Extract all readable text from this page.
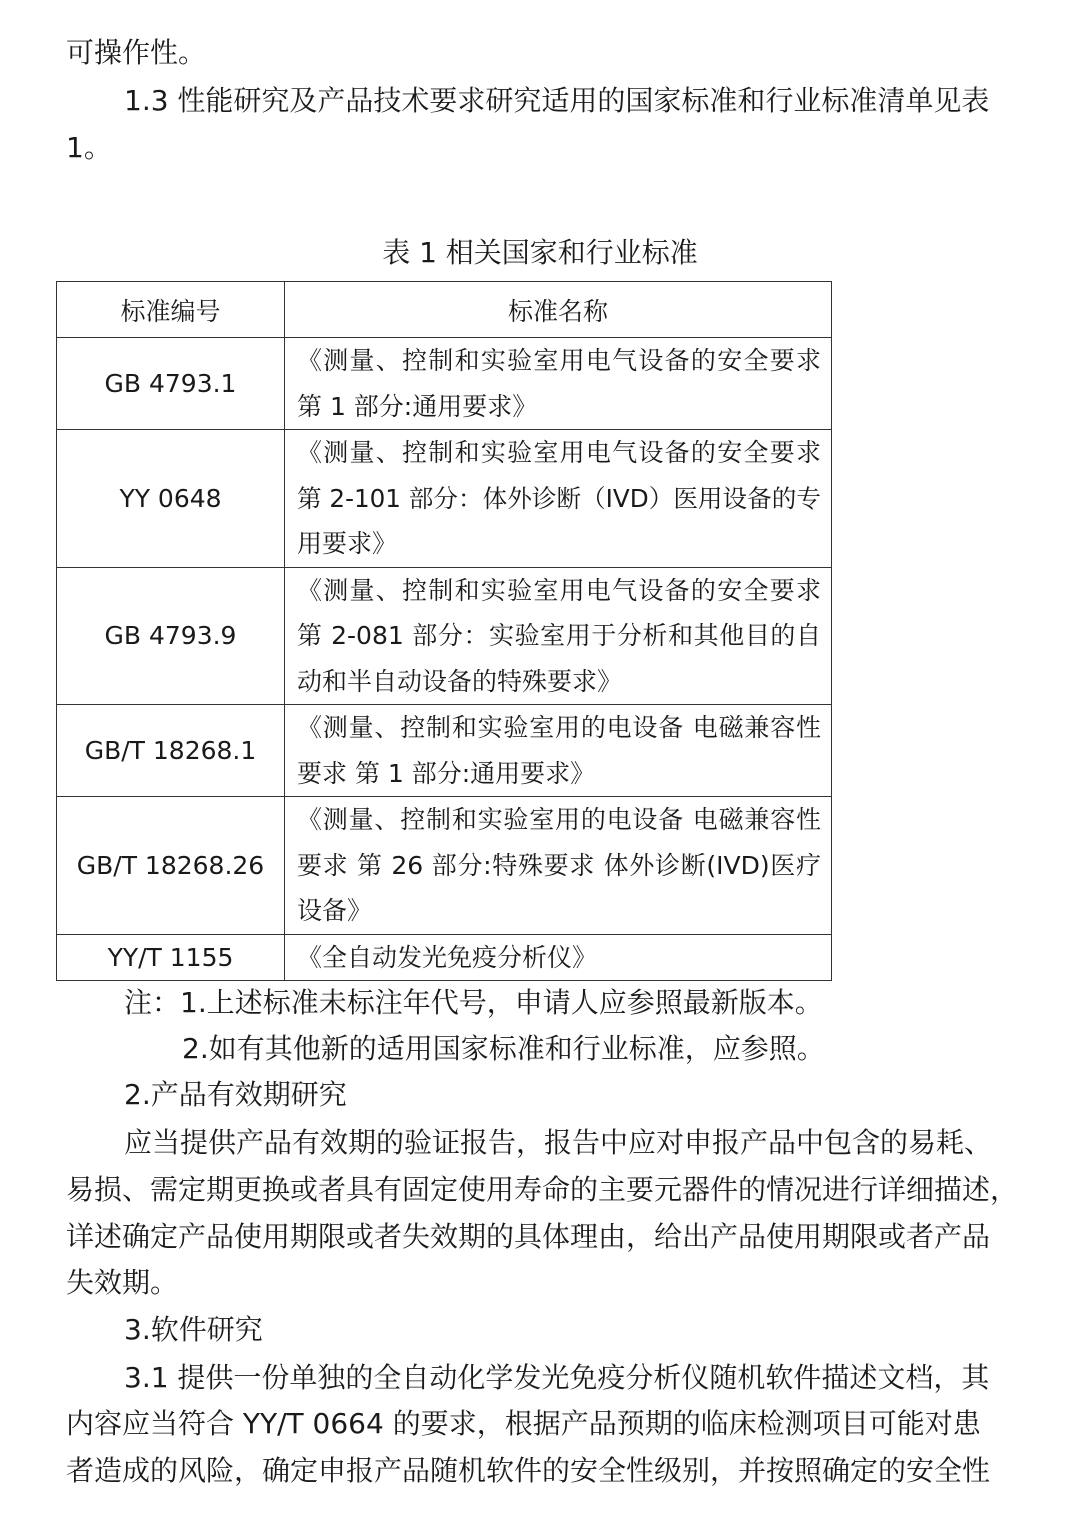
可操作性。
1.3 性能研究及产品技术要求研究适用的国家标准和行业标准清单见表
1。
表 1 相关国家和行业标准
标准编号	标准名称
GB 4793.1	《测量、控制和实验室用电气设备的安全要求
第 1 部分:通用要求》

YY 0648	《测量、控制和实验室用电气设备的安全要求
第 2-101 部分：体外诊断（IVD）医用设备的专
用要求》

GB 4793.9	《测量、控制和实验室用电气设备的安全要求
第 2-081 部分：实验室用于分析和其他目的自
动和半自动设备的特殊要求》

GB/T 18268.1	《测量、控制和实验室用的电设备 电磁兼容性
要求 第 1 部分:通用要求》

GB/T 18268.26	《测量、控制和实验室用的电设备 电磁兼容性
要求 第 26 部分:特殊要求 体外诊断(IVD)医疗
设备》

YY/T 1155	《全自动发光免疫分析仪》
注：1.上述标准未标注年代号，申请人应参照最新版本。
2.如有其他新的适用国家标准和行业标准，应参照。
2.产品有效期研究
应当提供产品有效期的验证报告，报告中应对申报产品中包含的易耗、
易损、需定期更换或者具有固定使用寿命的主要元器件的情况进行详细描述，
详述确定产品使用期限或者失效期的具体理由，给出产品使用期限或者产品
失效期。
3.软件研究
3.1 提供一份单独的全自动化学发光免疫分析仪随机软件描述文档，其
内容应当符合 YY/T 0664 的要求，根据产品预期的临床检测项目可能对患
者造成的风险，确定申报产品随机软件的安全性级别，并按照确定的安全性
